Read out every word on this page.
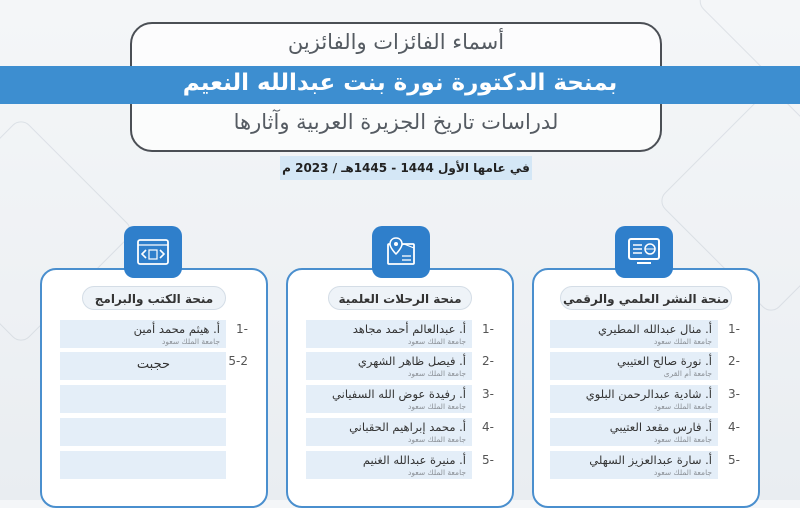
أسماء الفائزات والفائزين
بمنحة الدكتورة نورة بنت عبدالله النعيم
لدراسات تاريخ الجزيرة العربية وآثارها
في عامها الأول 1444 - 1445هـ / 2023 م
منحة النشر العلمي والرقمي
-1
أ. منال عبدالله المطيري
جامعة الملك سعود
-2
أ. نورة صالح العتيبي
جامعة أم القرى
-3
أ. شادية عبدالرحمن البلوي
جامعة الملك سعود
-4
أ. فارس مقعد العتيبي
جامعة الملك سعود
-5
أ. سارة عبدالعزيز السهلي
جامعة الملك سعود
منحة الرحلات العلمية
-1
أ. عبدالعالم أحمد مجاهد
جامعة الملك سعود
-2
أ. فيصل ظاهر الشهري
جامعة الملك سعود
-3
أ. رفيدة عوض الله السفياني
جامعة الملك سعود
-4
أ. محمد إبراهيم الحقباني
جامعة الملك سعود
-5
أ. منيرة عبدالله الغنيم
جامعة الملك سعود
منحة الكتب والبرامج
-1
أ. هيثم محمد أمين
جامعة الملك سعود
5-2
حجبت
